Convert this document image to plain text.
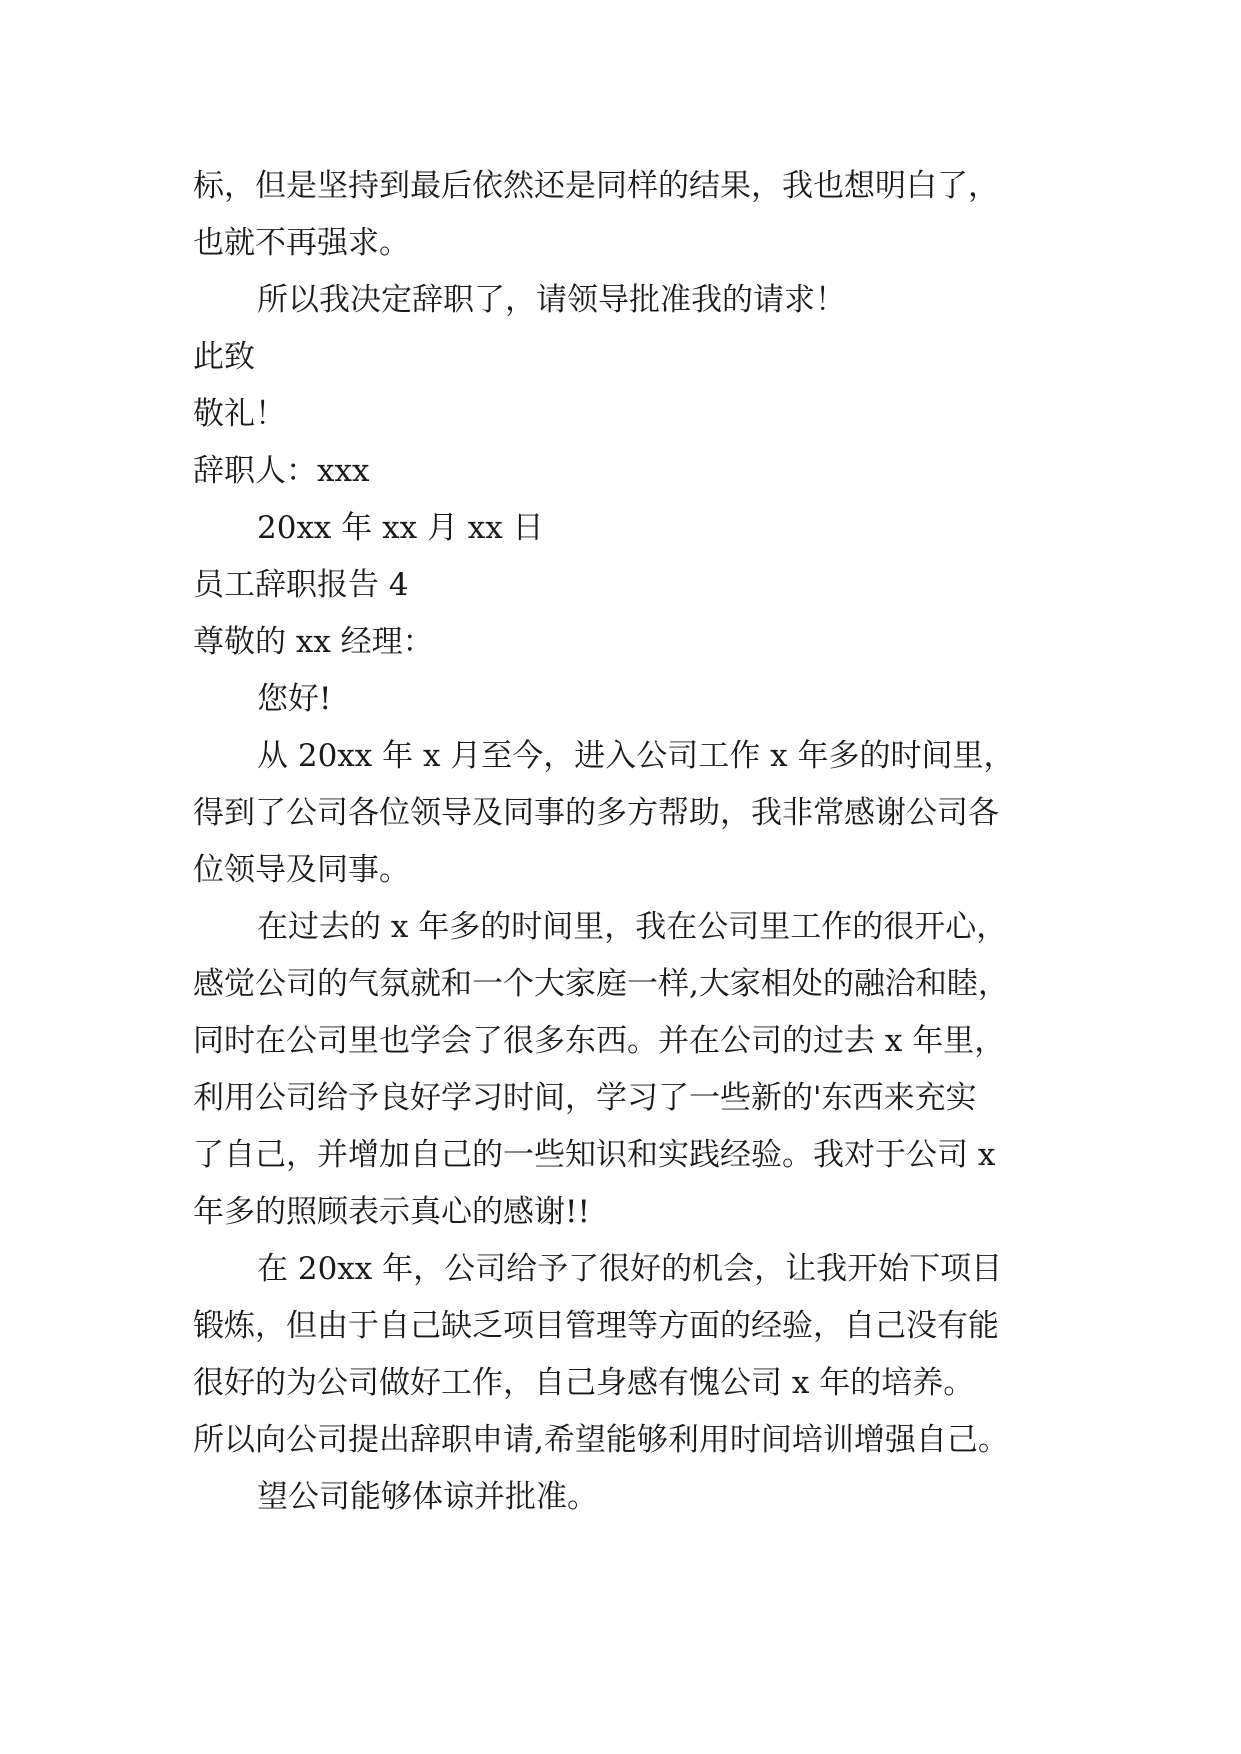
标，但是坚持到最后依然还是同样的结果，我也想明白了，
也就不再强求。
所以我决定辞职了，请领导批准我的请求！
此致
敬礼！
辞职人：xxx
20xx 年 xx 月 xx 日
员工辞职报告 4
尊敬的 xx 经理：
您好!
从 20xx 年 x 月至今，进入公司工作 x 年多的时间里，
得到了公司各位领导及同事的多方帮助，我非常感谢公司各
位领导及同事。
在过去的 x 年多的时间里，我在公司里工作的很开心，
感觉公司的气氛就和一个大家庭一样,大家相处的融洽和睦，
同时在公司里也学会了很多东西。并在公司的过去 x 年里，
利用公司给予良好学习时间，学习了一些新的'东西来充实
了自己，并增加自己的一些知识和实践经验。我对于公司 x
年多的照顾表示真心的感谢!!
在 20xx 年，公司给予了很好的机会，让我开始下项目
锻炼，但由于自己缺乏项目管理等方面的经验，自己没有能
很好的为公司做好工作，自己身感有愧公司 x 年的培养。
所以向公司提出辞职申请,希望能够利用时间培训增强自己。
望公司能够体谅并批准。
